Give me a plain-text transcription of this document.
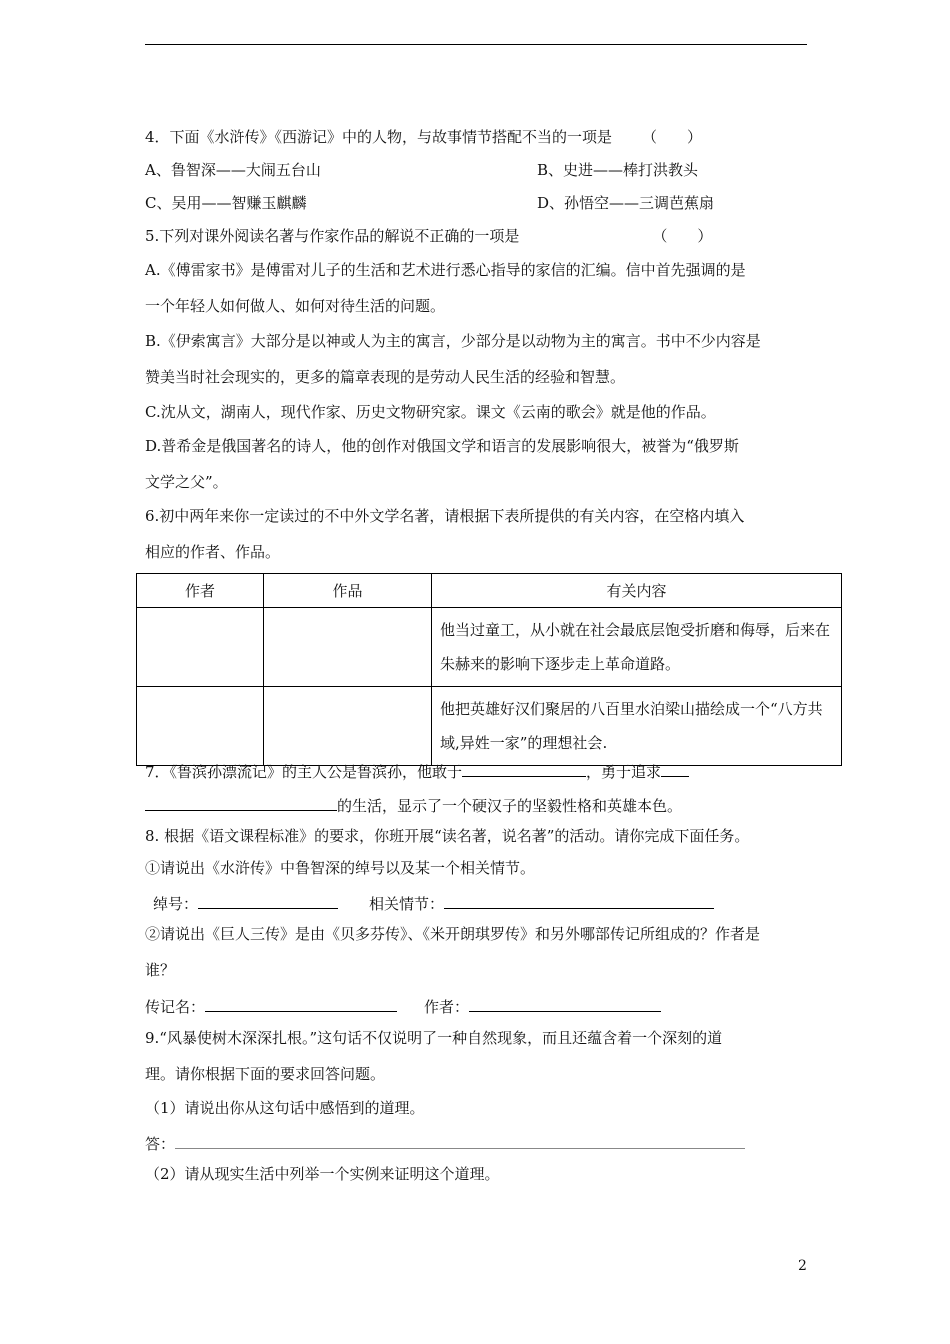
4．下面《水浒传》《西游记》中的人物，与故事情节搭配不当的一项是 （　　）
A、鲁智深——大闹五台山	B、史进——棒打洪教头
C、吴用——智赚玉麒麟	D、孙悟空——三调芭蕉扇
5.下列对课外阅读名著与作家作品的解说不正确的一项是	（　　）
A.《傅雷家书》是傅雷对儿子的生活和艺术进行悉心指导的家信的汇编。信中首先强调的是
一个年轻人如何做人、如何对待生活的问题。
B.《伊索寓言》大部分是以神或人为主的寓言，少部分是以动物为主的寓言。书中不少内容是
赞美当时社会现实的，更多的篇章表现的是劳动人民生活的经验和智慧。
C.沈从文，湖南人，现代作家、历史文物研究家。课文《云南的歌会》就是他的作品。
D.普希金是俄国著名的诗人，他的创作对俄国文学和语言的发展影响很大，被誉为“俄罗斯
文学之父”。
6.初中两年来你一定读过的不中外文学名著，请根据下表所提供的有关内容，在空格内填入
相应的作者、作品。
作者	作品	有关内容
		他当过童工，从小就在社会最底层饱受折磨和侮辱，后来在朱赫来的影响下逐步走上革命道路。
		他把英雄好汉们聚居的八百里水泊梁山描绘成一个“八方共域,异姓一家”的理想社会.
7．《鲁滨孙漂流记》的主人公是鲁滨孙，他敢于	，勇于追求
的生活，显示了一个硬汉子的坚毅性格和英雄本色。
8. 根据《语文课程标准》的要求，你班开展“读名著，说名著”的活动。请你完成下面任务。
①请说出《水浒传》中鲁智深的绰号以及某一个相关情节。
绰号：	相关情节：
②请说出《巨人三传》是由《贝多芬传》、《米开朗琪罗传》和另外哪部传记所组成的？作者是
谁？
传记名：	作者：
9.“风暴使树木深深扎根。”这句话不仅说明了一种自然现象，而且还蕴含着一个深刻的道
理。请你根据下面的要求回答问题。
（1）请说出你从这句话中感悟到的道理。
答：
（2）请从现实生活中列举一个实例来证明这个道理。
2
